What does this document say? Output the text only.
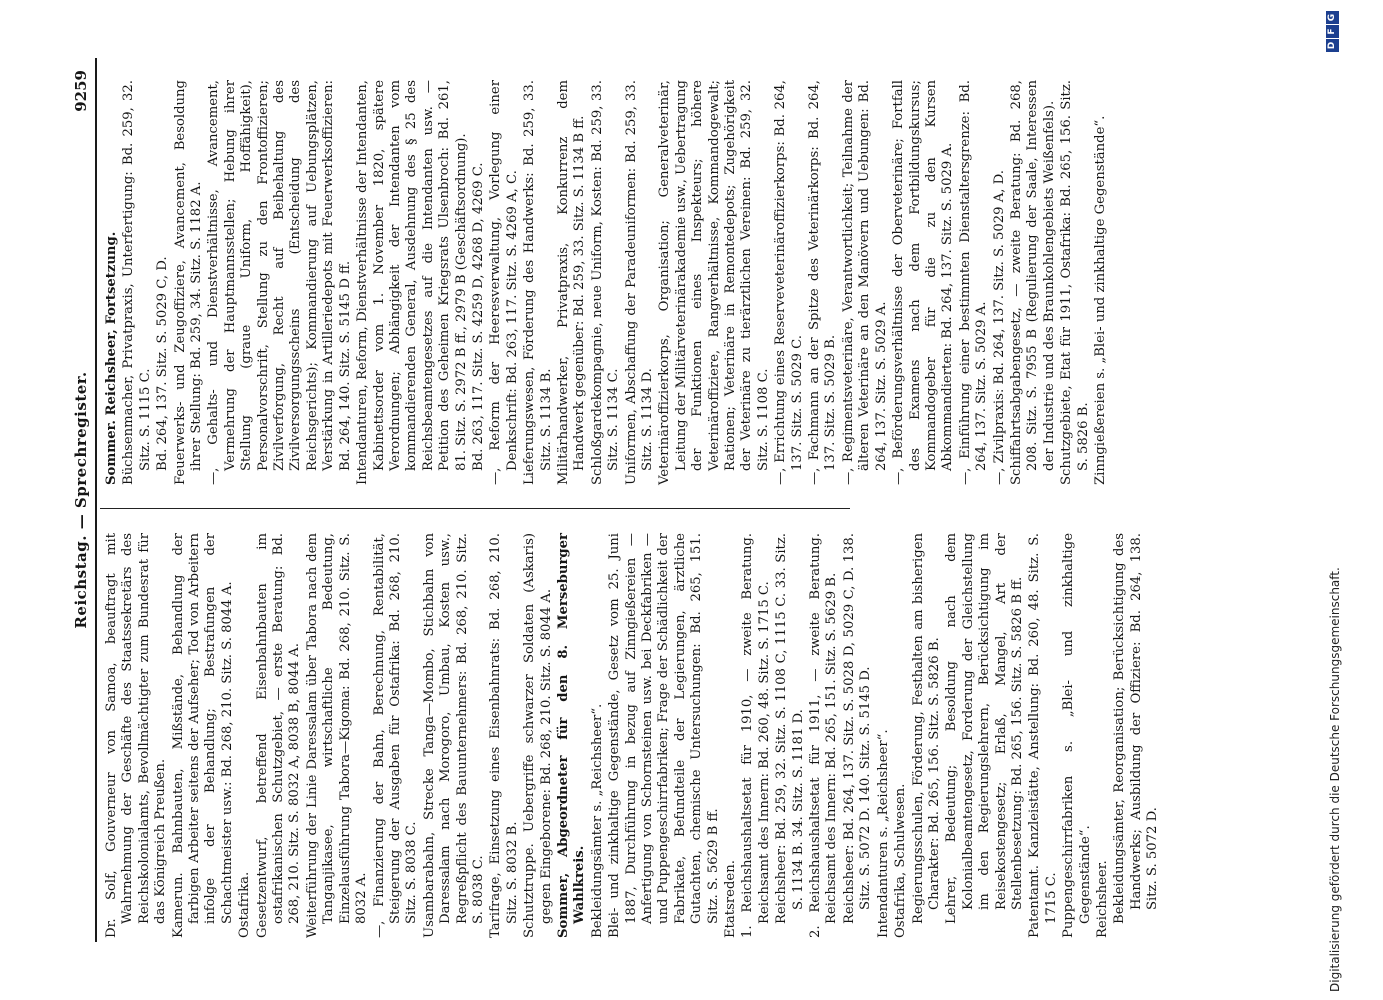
Reichstag. — Sprechregister.
9259

Dr. Solf, Gouverneur von Samoa, beauftragt mit Wahrnehmung der Geschäfte des Staatssekretärs des Reichskolonialamts, Bevollmächtigter zum Bundesrat für das Königreich Preußen. Kamerun. Bahnbauten, Mißstände, Behandlung der farbigen Arbeiter seitens der Aufseher; Tod von Arbeitern infolge der Behandlung; Bestrafungen der Schachtmeister usw.: Bd. 268, 210. Sitz. S. 8044 A. Ostafrika. Gesetzentwurf, betreffend Eisenbahnbauten im ostafrikanischen Schutzgebiet, — erste Beratung: Bd. 268, 210. Sitz. S. 8032 A, 8038 B, 8044 A. Weiterführung der Linie Daressalam über Tabora nach dem Tanganjikasee, wirtschaftliche Bedeutung, Einzelausführung Tabora—Kigoma: Bd. 268, 210. Sitz. S. 8032 A. —, Finanzierung der Bahn, Berechnung, Rentabilität, Steigerung der Ausgaben für Ostafrika: Bd. 268, 210. Sitz. S. 8038 C. Usambarabahn, Strecke Tanga—Mombo, Stichbahn von Daressalam nach Morogoro, Umbau, Kosten usw., Regreßpflicht des Bauunternehmers: Bd. 268, 210. Sitz. S. 8038 C. Tarifrage, Einsetzung eines Eisenbahnrats: Bd. 268, 210. Sitz. S. 8032 B. Schutztruppe. Uebergriffe schwarzer Soldaten (Askaris) gegen Eingeborene: Bd. 268, 210. Sitz. S. 8044 A. Sommer, Abgeordneter für den 8. Merseburger Wahlkreis. Bekleidungsämter s. „Reichsheer“. Blei- und zinkhaltige Gegenstände, Gesetz vom 25. Juni 1887, Durchführung in bezug auf Zinngießereien — Anfertigung von Schornsteinen usw. bei Deckfabriken — und Puppengeschirrfabriken; Frage der Schädlichkeit der Fabrikate, Befundteile der Legierungen, ärztliche Gutachten, chemische Untersuchungen: Bd. 265, 151. Sitz. S. 5629 B ff. Etatsreden. 1. Reichshaushaltsetat für 1910, — zweite Beratung. Reichsamt des Innern: Bd. 260, 48. Sitz. S. 1715 C. Reichsheer: Bd. 259, 32. Sitz. S. 1108 C, 1115 C. 33. Sitz. S. 1134 B. 34. Sitz. S. 1181 D. 2. Reichshaushaltsetat für 1911, — zweite Beratung. Reichsamt des Innern: Bd. 265, 151. Sitz. S. 5629 B. Reichsheer: Bd. 264, 137. Sitz. S. 5028 D, 5029 C, D. 138. Sitz. S. 5072 D. 140. Sitz. S. 5145 D. Intendanturen s. „Reichsheer“. Ostafrika, Schulwesen. Regierungsschulen, Förderung, Festhalten am bisherigen Charakter: Bd. 265, 156. Sitz. S. 5826 B. Lehrer, Bedeutung; Besoldung nach dem Kolonialbeamtengesetz, Forderung der Gleichstellung im den Regierungslehrern, Berücksichtigung im Reisekostengesetz; Erlaß, Mangel, Art der Stellenbesetzung: Bd. 265, 156. Sitz. S. 5826 B ff. Patentamt. Kanzleistätte, Anstellung: Bd. 260, 48. Sitz. S. 1715 C. Puppengeschirrfabriken s. „Blei- und zinkhaltige Gegenstände“. Reichsheer. Bekleidungsämter, Reorganisation; Berücksichtigung des Handwerks; Ausbildung der Offiziere: Bd. 264, 138. Sitz. S. 5072 D.

Sommer. Reichsheer, Fortsetzung. Büchsenmacher, Privatpraxis, Unterfertigung: Bd. 259, 32. Sitz. S. 1115 C. Bd. 264, 137. Sitz. S. 5029 C, D. Feuerwerks- und Zeugoffiziere, Avancement, Besoldung ihrer Stellung: Bd. 259, 34. Sitz. S. 1182 A. —, Gehalts- und Dienstverhältnisse, Avancement, Vermehrung der Hauptmannsstellen; Hebung ihrer Stellung (graue Uniform, Hoffähigkeit), Personalvorschrift, Stellung zu den Frontoffizieren; Zivilverforgung, Recht auf Beibehaltung des Zivilversorgungsscheins (Entscheidung des Reichsgerichts); Kommandierung auf Uebungsplätzen, Verstärkung in Artilleriedepots mit Feuerwerksoffizieren: Bd. 264, 140. Sitz. S. 5145 D ff. Intendanturen, Reform, Dienstverhältnisse der Intendanten, Kabinettsorder vom 1. November 1820, spätere Verordnungen; Abhängigkeit der Intendanten vom kommandierenden General, Ausdehnung des § 25 des Reichsbeamtengesetzes auf die Intendanten usw. — Petition des Geheimen Kriegsrats Ulsenbroch: Bd. 261, 81. Sitz. S. 2972 B ff., 2979 B (Geschäftsordnung). Bd. 263, 117. Sitz. S. 4259 D, 4268 D, 4269 C. —, Reform der Heeresverwaltung, Vorlegung einer Denkschrift: Bd. 263, 117. Sitz. S. 4269 A, C. Lieferungswesen, Förderung des Handwerks: Bd. 259, 33. Sitz. S. 1134 B. Militärhandwerker, Privatpraxis, Konkurrenz dem Handwerk gegenüber: Bd. 259, 33. Sitz. S. 1134 B ff. Schloßgardekompagnie, neue Uniform, Kosten: Bd. 259, 33. Sitz. S. 1134 C. Uniformen, Abschaffung der Paradeuniformen: Bd. 259, 33. Sitz. S. 1134 D. Veterinäroffizierkorps, Organisation; Generalveterinär, Leitung der Militärveterinärakademie usw., Uebertragung der Funktionen eines Inspekteurs; höhere Veterinäroffiziere, Rangverhältnisse, Kommandogewalt; Rationen; Veterinäre in Remontedepots; Zugehörigkeit der Veterinäre zu tierärztlichen Vereinen: Bd. 259, 32. Sitz. S. 1108 C. —, Errichtung eines Reserveveterinäroffizierkorps: Bd. 264, 137. Sitz. S. 5029 C. —, Fachmann an der Spitze des Veterinärkorps: Bd. 264, 137. Sitz. S. 5029 B. —, Regimentsveterinäre, Verantwortlichkeit; Teilnahme der älteren Veterinäre an den Manövern und Uebungen: Bd. 264, 137. Sitz. S. 5029 A. —, Beförderungsverhältnisse der Oberveterinäre; Fortfall des Examens nach dem Fortbildungskursus; Kommandogeber für die zu den Kursen Abkommandierten: Bd. 264, 137. Sitz. S. 5029 A. —, Einführung einer bestimmten Dienstaltersgrenze: Bd. 264, 137. Sitz. S. 5029 A. —, Zivilpraxis: Bd. 264, 137. Sitz. S. 5029 A, D. Schiffahrtsabgabengesetz, — zweite Beratung: Bd. 268, 208. Sitz. S. 7955 B (Regulierung der Saale, Interessen der Industrie und des Braunkohlengebiets Weißenfels). Schutzgebiete, Etat für 1911, Ostafrika: Bd. 265, 156. Sitz. S. 5826 B. Zinngießereien s. „Blei- und zinkhaltige Gegenstände“.

Digitalisierung gefördert durch die Deutsche Forschungsgemeinschaft.
D
F
G
